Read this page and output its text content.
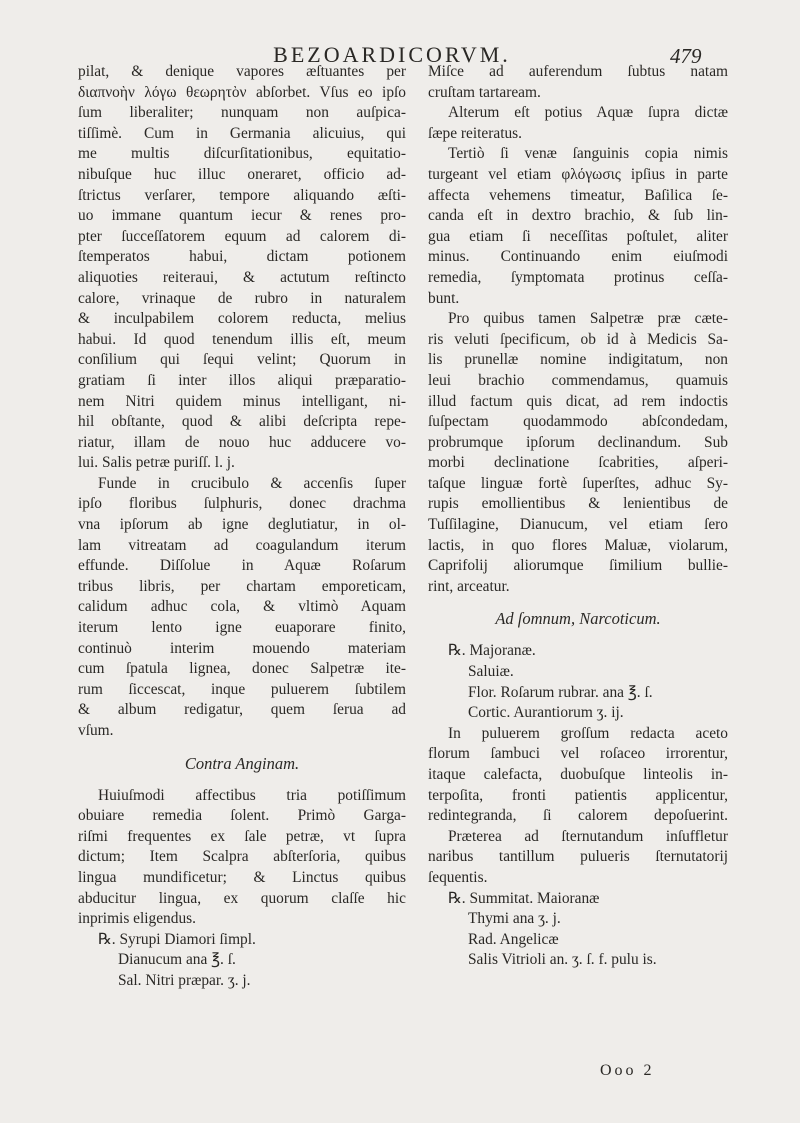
BEZOARDICORVM.	479
pilat, & denique vapores æſtuantes per
διαπνοὴν λόγω θεωρητὸν abſorbet. Vſus eo ipſo
ſum liberaliter; nunquam non auſpica-
tiſſimè. Cum in Germania alicuius, qui
me multis diſcurſitationibus, equitatio-
nibuſque huc illuc oneraret, officio ad-
ſtrictus verſarer, tempore aliquando æſti-
uo immane quantum iecur & renes pro-
pter ſucceſſatorem equum ad calorem di-
ſtemperatos habui, dictam potionem
aliquoties reiteraui, & actutum reſtincto
calore, vrinaque de rubro in naturalem
& inculpabilem colorem reducta, melius
habui. Id quod tenendum illis eſt, meum
conſilium qui ſequi velint; Quorum in
gratiam ſi inter illos aliqui præparatio-
nem Nitri quidem minus intelligant, ni-
hil obſtante, quod & alibi deſcripta repe-
riatur, illam de nouo huc adducere vo-
lui. Salis petræ puriſſ. l. j.
Funde in crucibulo & accenſis ſuper
ipſo floribus ſulphuris, donec drachma
vna ipſorum ab igne deglutiatur, in ol-
lam vitreatam ad coagulandum iterum
effunde. Diſſolue in Aquæ Roſarum
tribus libris, per chartam emporeticam,
calidum adhuc cola, & vltimò Aquam
iterum lento igne euaporare finito,
continuò interim mouendo materiam
cum ſpatula lignea, donec Salpetræ ite-
rum ſiccescat, inque puluerem ſubtilem
& album redigatur, quem ſerua ad
vſum.
Contra Anginam.
Huiuſmodi affectibus tria potiſſimum
obuiare remedia ſolent. Primò Garga-
riſmi frequentes ex ſale petræ, vt ſupra
dictum; Item Scalpra abſterſoria, quibus
lingua mundificetur; & Linctus quibus
abducitur lingua, ex quorum claſſe hic
inprimis eligendus.
℞. Syrupi Diamori ſimpl.
Dianucum ana ℥. ſ.
Sal. Nitri præpar. ʒ. j.
Miſce ad auferendum ſubtus natam
cruſtam tartaream.
Alterum eſt potius Aquæ ſupra dictæ
ſæpe reiteratus.
Tertiò ſi venæ ſanguinis copia nimis
turgeant vel etiam φλόγωσις ipſius in parte
affecta vehemens timeatur, Baſilica ſe-
canda eſt in dextro brachio, & ſub lin-
gua etiam ſi neceſſitas poſtulet, aliter
minus. Continuando enim eiuſmodi
remedia, ſymptomata protinus ceſſa-
bunt.
Pro quibus tamen Salpetræ præ cæte-
ris veluti ſpecificum, ob id à Medicis Sa-
lis prunellæ nomine indigitatum, non
leui brachio commendamus, quamuis
illud factum quis dicat, ad rem indoctis
ſuſpectam quodammodo abſcondedam,
probrumque ipſorum declinandum. Sub
morbi declinatione ſcabrities, aſperi-
taſque linguæ fortè ſuperſtes, adhuc Sy-
rupis emollientibus & lenientibus de
Tuſſilagine, Dianucum, vel etiam ſero
lactis, in quo flores Maluæ, violarum,
Caprifolij aliorumque ſimilium bullie-
rint, arceatur.
Ad ſomnum, Narcoticum.
℞. Majoranæ.
Saluiæ.
Flor. Roſarum rubrar. ana ℥. ſ.
Cortic. Aurantiorum ʒ. ij.
In puluerem groſſum redacta aceto
florum ſambuci vel roſaceo irrorentur,
itaque calefacta, duobuſque linteolis in-
terpoſita, fronti patientis applicentur,
redintegranda, ſi calorem depoſuerint.
Præterea ad ſternutandum inſuffletur
naribus tantillum pulueris ſternutatorij
ſequentis.
℞. Summitat. Maioranæ
Thymi ana ʒ. j.
Rad. Angelicæ
Salis Vitrioli an. ʒ. ſ. f. pulu is.
Ooo 2
